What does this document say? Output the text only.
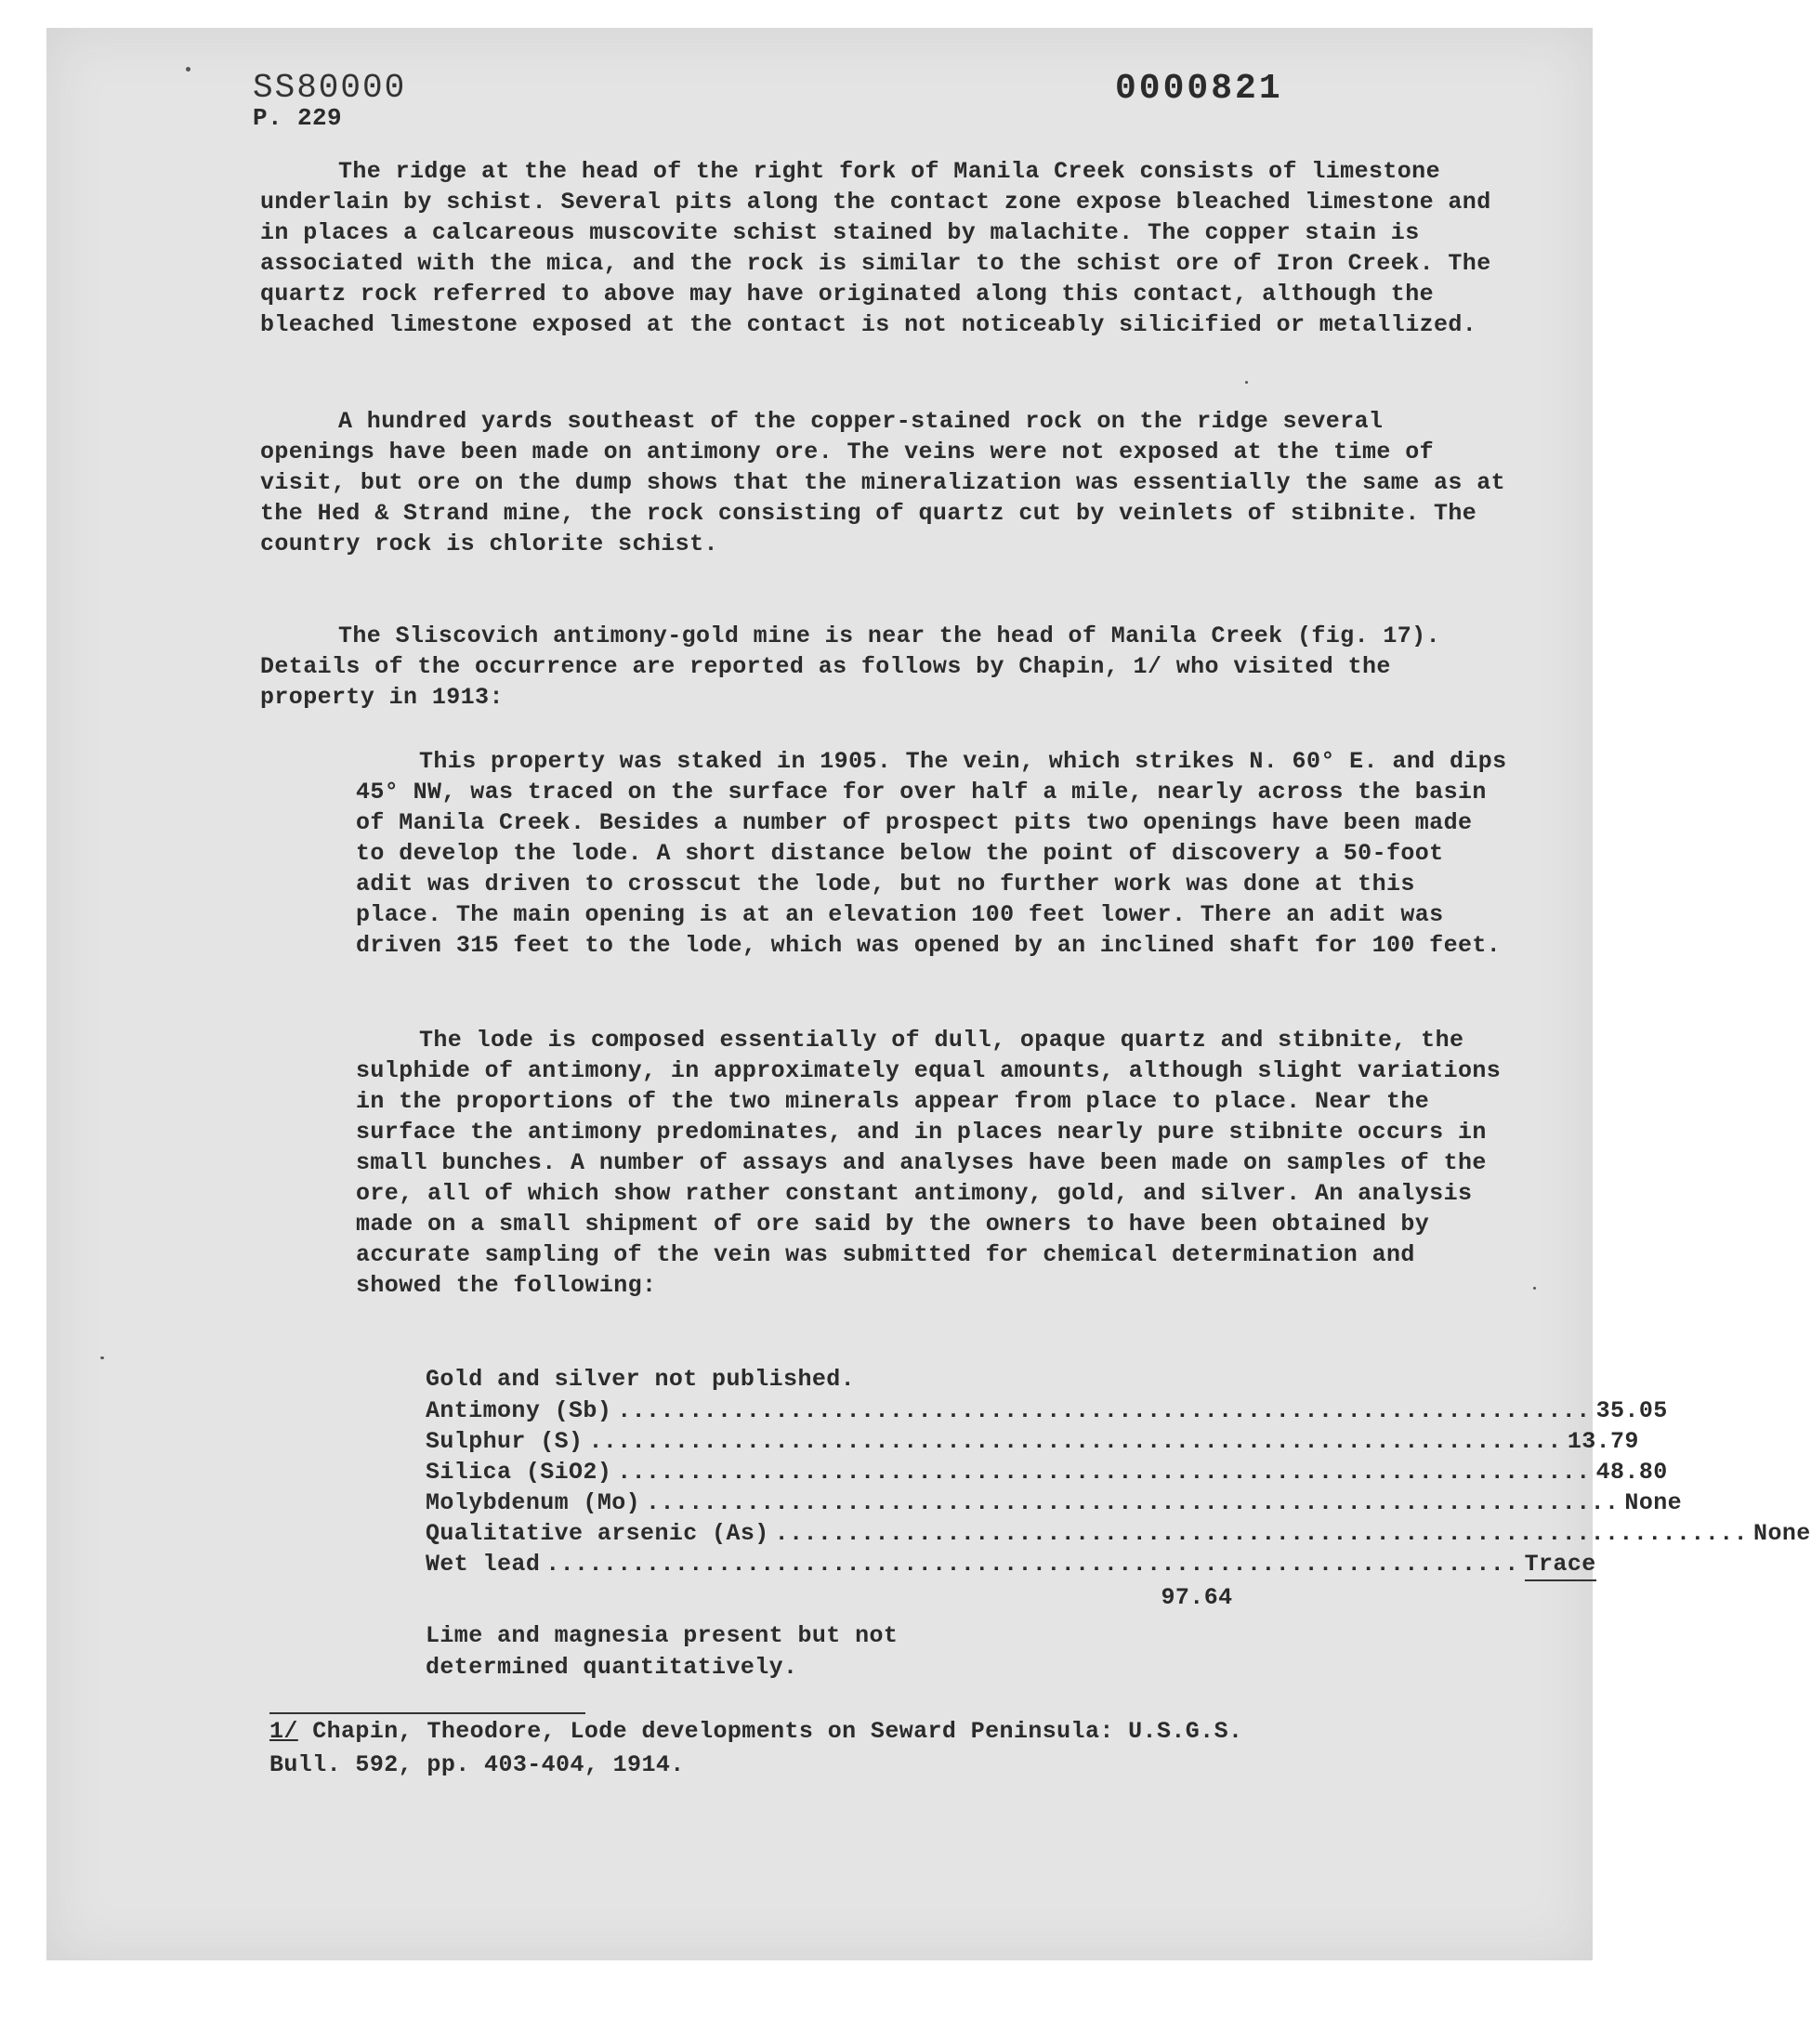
SS80000
P. 229
0000821

The ridge at the head of the right fork of Manila Creek consists of limestone underlain by schist. Several pits along the contact zone expose bleached limestone and in places a calcareous muscovite schist stained by malachite. The copper stain is associated with the mica, and the rock is similar to the schist ore of Iron Creek. The quartz rock referred to above may have originated along this contact, although the bleached limestone exposed at the contact is not noticeably silicified or metallized.

A hundred yards southeast of the copper-stained rock on the ridge several openings have been made on antimony ore. The veins were not exposed at the time of visit, but ore on the dump shows that the mineralization was essentially the same as at the Hed & Strand mine, the rock consisting of quartz cut by veinlets of stibnite. The country rock is chlorite schist.

The Sliscovich antimony-gold mine is near the head of Manila Creek (fig. 17). Details of the occurrence are reported as follows by Chapin, 1/ who visited the property in 1913:

This property was staked in 1905. The vein, which strikes N. 60° E. and dips 45° NW, was traced on the surface for over half a mile, nearly across the basin of Manila Creek. Besides a number of prospect pits two openings have been made to develop the lode. A short distance below the point of discovery a 50-foot adit was driven to crosscut the lode, but no further work was done at this place. The main opening is at an elevation 100 feet lower. There an adit was driven 315 feet to the lode, which was opened by an inclined shaft for 100 feet.

The lode is composed essentially of dull, opaque quartz and stibnite, the sulphide of antimony, in approximately equal amounts, although slight variations in the proportions of the two minerals appear from place to place. Near the surface the antimony predominates, and in places nearly pure stibnite occurs in small bunches. A number of assays and analyses have been made on samples of the ore, all of which show rather constant antimony, gold, and silver. An analysis made on a small shipment of ore said by the owners to have been obtained by accurate sampling of the vein was submitted for chemical determination and showed the following:

Gold and silver not published.
Antimony (Sb) .................................................................... 35.05
Sulphur (S) .................................................................... 13.79
Silica (SiO2) .................................................................... 48.80
Molybdenum (Mo) .................................................................... None
Qualitative arsenic (As) .................................................................... None
Wet lead .................................................................... Trace
97.64
Lime and magnesia present but not
determined quantitatively.
1/ Chapin, Theodore, Lode developments on Seward Peninsula: U.S.G.S.
Bull. 592, pp. 403-404, 1914.
